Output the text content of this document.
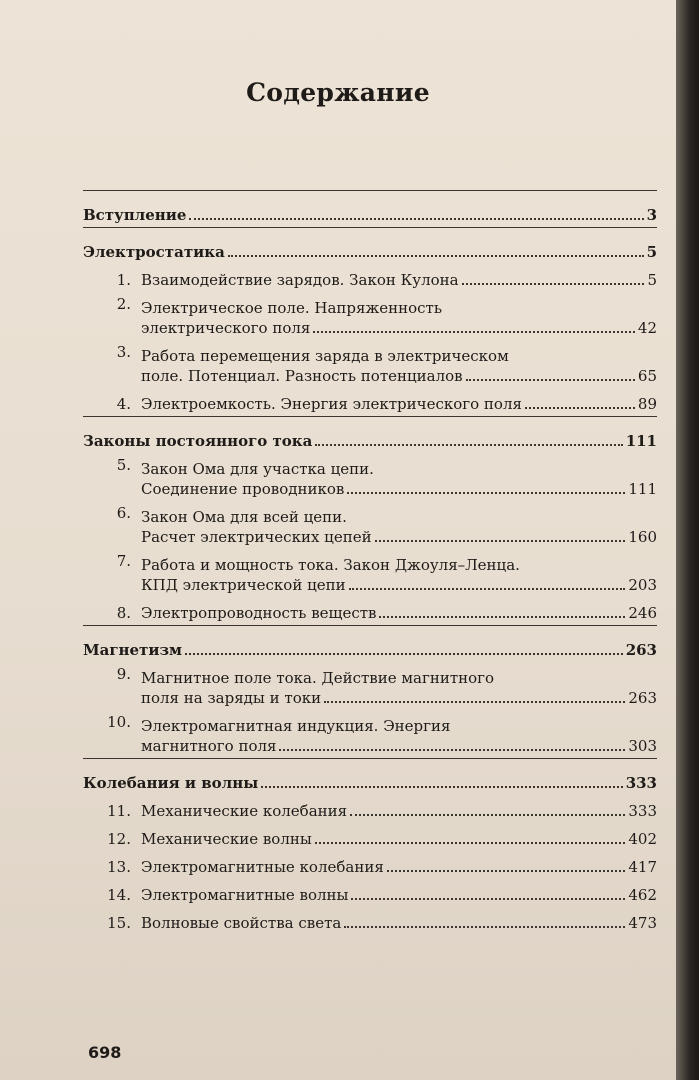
Содержание
Вступление	3
Электростатика	5
1. Взаимодействие зарядов. Закон Кулона	5
2. Электрическое поле. Напряженность
электрического поля	42
3. Работа перемещения заряда в электрическом
поле. Потенциал. Разность потенциалов	65
4. Электроемкость. Энергия электрического поля	89
Законы постоянного тока	111
5. Закон Ома для участка цепи.
Соединение проводников	111
6. Закон Ома для всей цепи.
Расчет электрических цепей	160
7. Работа и мощность тока. Закон Джоуля–Ленца.
КПД электрической цепи	203
8. Электропроводность веществ	246
Магнетизм	263
9. Магнитное поле тока. Действие магнитного
поля на заряды и токи	263
10. Электромагнитная индукция. Энергия
магнитного поля	303
Колебания и волны	333
11. Механические колебания	333
12. Механические волны	402
13. Электромагнитные колебания	417
14. Электромагнитные волны	462
15. Волновые свойства света	473
698
